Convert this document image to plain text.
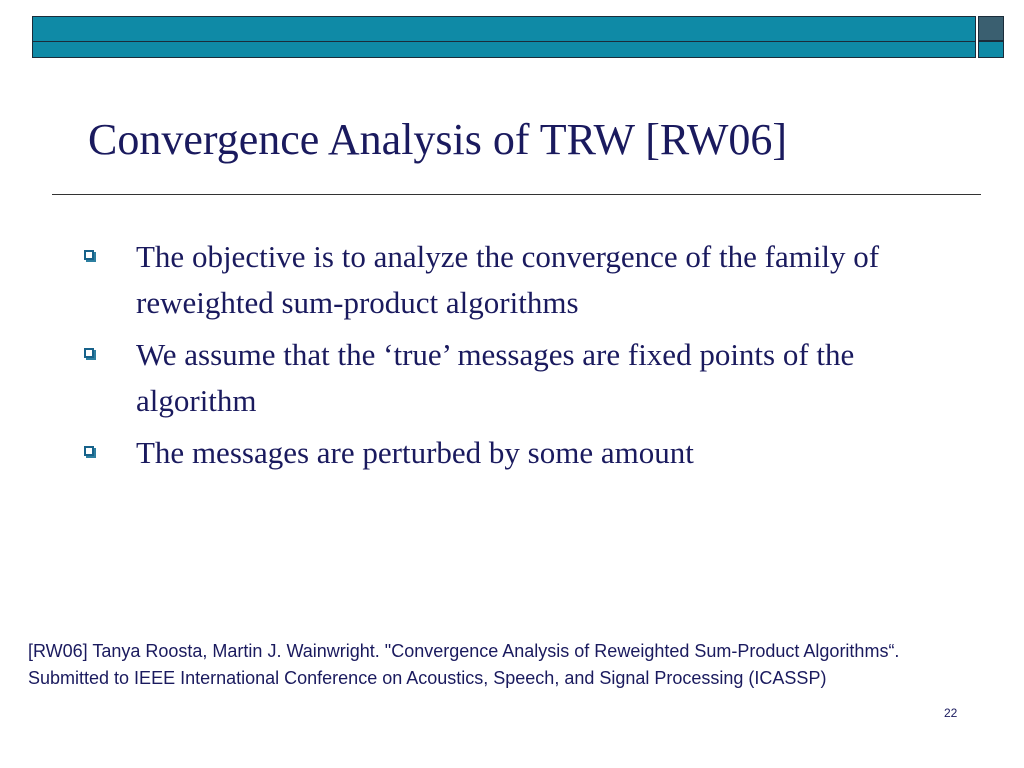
Convergence Analysis of TRW [RW06]
The objective is to analyze the convergence of the family of reweighted sum-product algorithms
We assume that the ‘true’ messages are fixed points of the algorithm
The messages are perturbed by some amount
[RW06] Tanya Roosta, Martin J. Wainwright. "Convergence Analysis of Reweighted Sum-Product Algorithms“. Submitted to IEEE International Conference on Acoustics, Speech, and Signal Processing (ICASSP)
22
